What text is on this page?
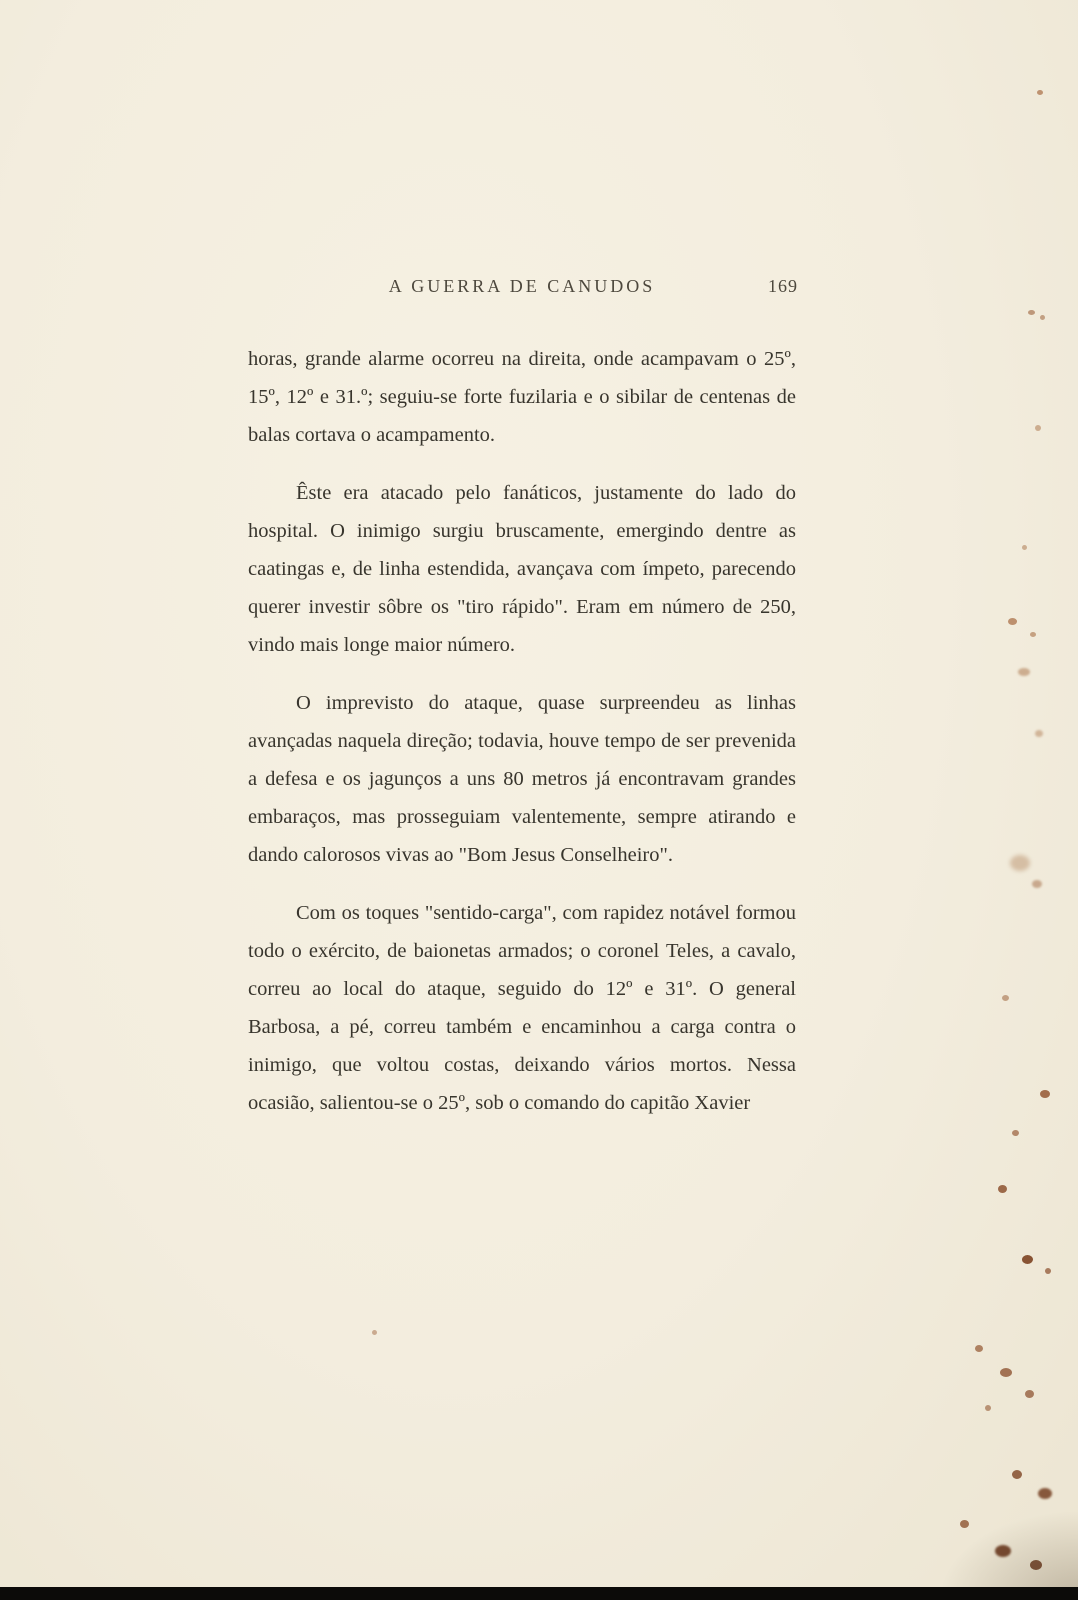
A GUERRA DE CANUDOS	169

horas, grande alarme ocorreu na direita, onde acampavam o 25º, 15º, 12º e 31.º; seguiu-se forte fuzilaria e o sibilar de centenas de balas cortava o acampamento.

Êste era atacado pelo fanáticos, justamente do lado do hospital. O inimigo surgiu bruscamente, emergindo dentre as caatingas e, de linha estendida, avançava com ímpeto, parecendo querer investir sôbre os "tiro rápido". Eram em número de 250, vindo mais longe maior número.

O imprevisto do ataque, quase surpreendeu as linhas avançadas naquela direção; todavia, houve tempo de ser prevenida a defesa e os jagunços a uns 80 metros já encontravam grandes embaraços, mas prosseguiam valentemente, sempre atirando e dando calorosos vivas ao "Bom Jesus Conselheiro".

Com os toques "sentido-carga", com rapidez notável formou todo o exército, de baionetas armados; o coronel Teles, a cavalo, correu ao local do ataque, seguido do 12º e 31º. O general Barbosa, a pé, correu também e encaminhou a carga contra o inimigo, que voltou costas, deixando vários mortos. Nessa ocasião, salientou-se o 25º, sob o comando do capitão Xavier
